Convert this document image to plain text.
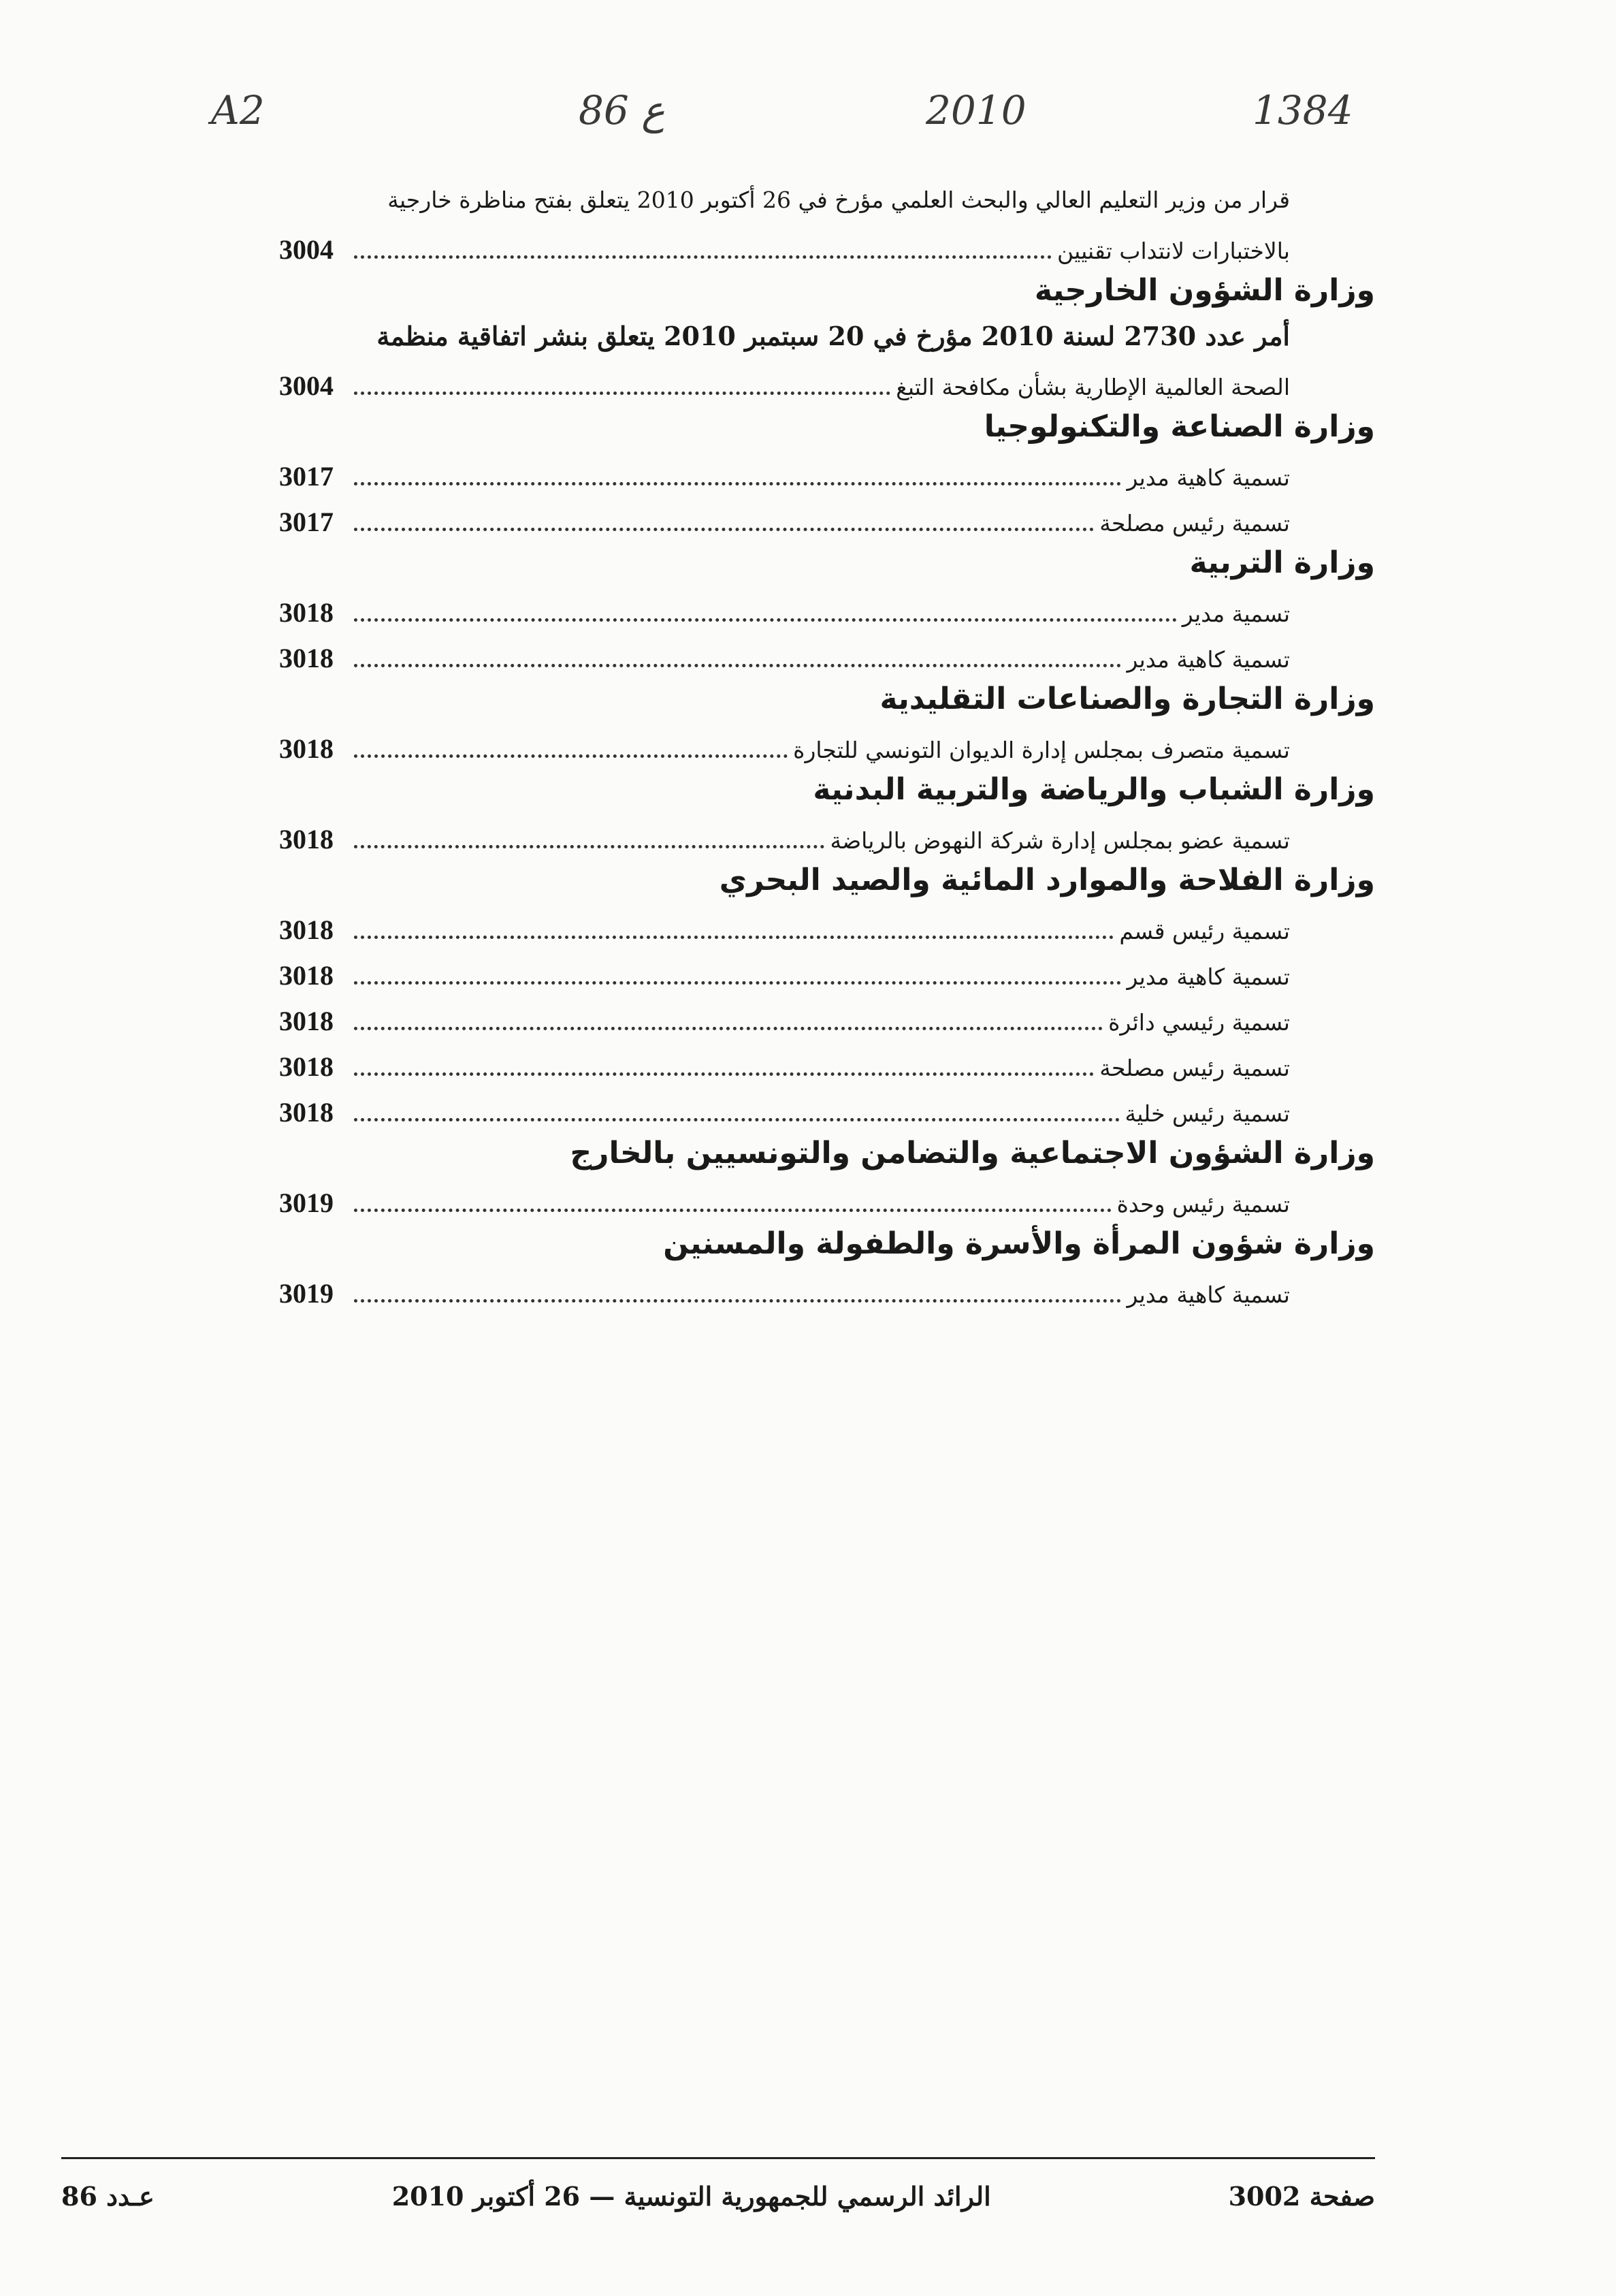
A2	86 ع	2010	1384
قرار من وزير التعليم العالي والبحث العلمي مؤرخ في 26 أكتوبر 2010 يتعلق بفتح مناظرة خارجية
3004	بالاختبارات لانتداب تقنيين
وزارة الشؤون الخارجية
أمر عدد 2730 لسنة 2010 مؤرخ في 20 سبتمبر 2010 يتعلق بنشر اتفاقية منظمة
3004	الصحة العالمية الإطارية بشأن مكافحة التبغ
وزارة الصناعة والتكنولوجيا
3017	تسمية كاهية مدير
3017	تسمية رئيس مصلحة
وزارة التربية
3018	تسمية مدير
3018	تسمية كاهية مدير
وزارة التجارة والصناعات التقليدية
3018	تسمية متصرف بمجلس إدارة الديوان التونسي للتجارة
وزارة الشباب والرياضة والتربية البدنية
3018	تسمية عضو بمجلس إدارة شركة النهوض بالرياضة
وزارة الفلاحة والموارد المائية والصيد البحري
3018	تسمية رئيس قسم
3018	تسمية كاهية مدير
3018	تسمية رئيسي دائرة
3018	تسمية رئيس مصلحة
3018	تسمية رئيس خلية
وزارة الشؤون الاجتماعية والتضامن والتونسيين بالخارج
3019	تسمية رئيس وحدة
وزارة شؤون المرأة والأسرة والطفولة والمسنين
3019	تسمية كاهية مدير
صفحة 3002
الرائد الرسمي للجمهورية التونسية — 26 أكتوبر 2010
عـدد 86
